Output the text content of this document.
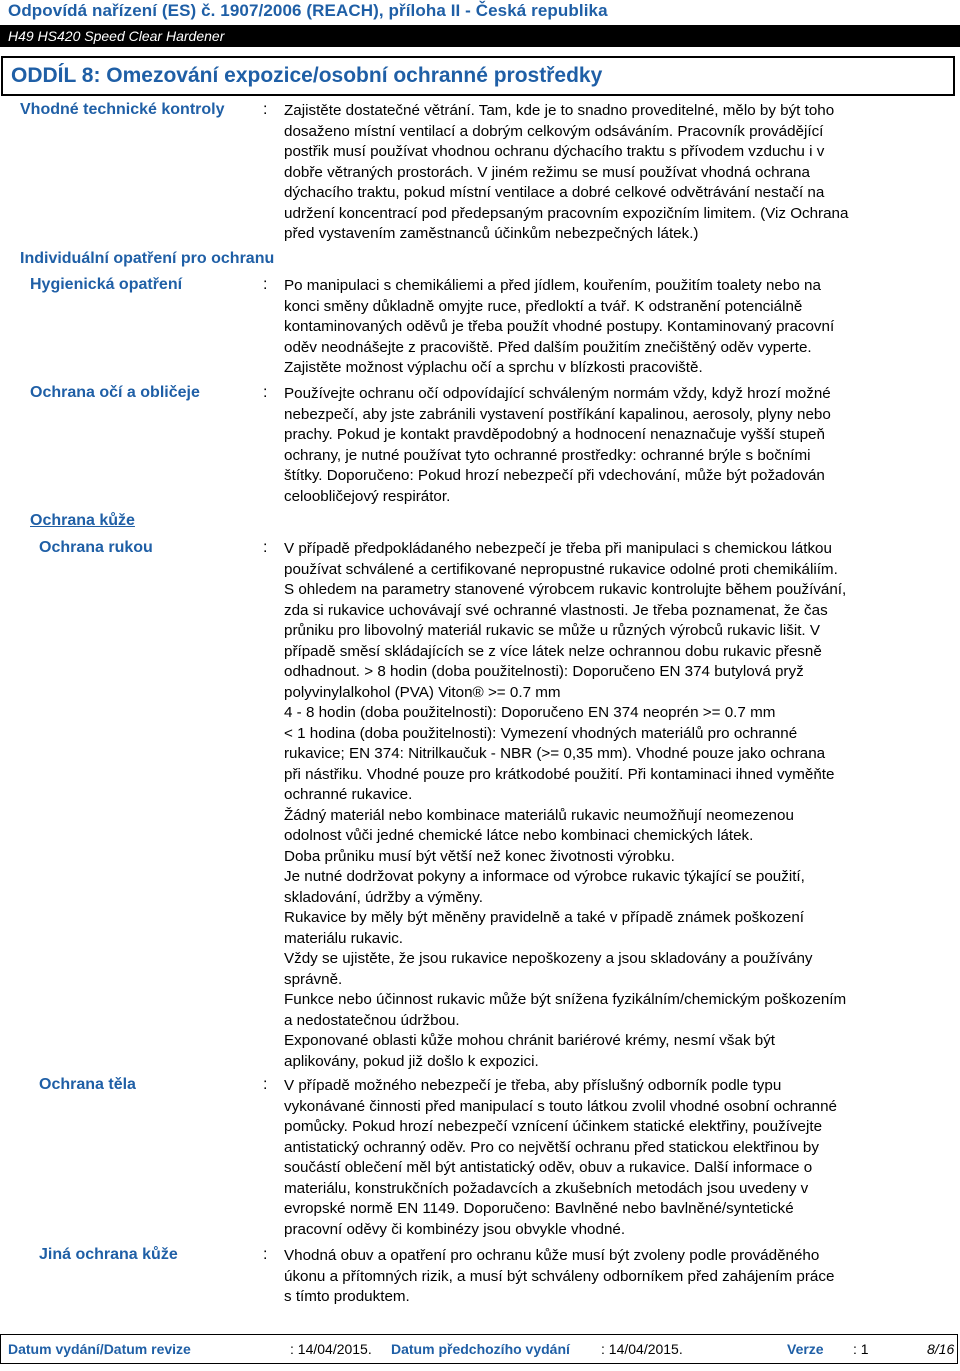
Odpovídá nařízení (ES) č. 1907/2006 (REACH), příloha II - Česká republika
H49 HS420 Speed Clear Hardener
ODDÍL 8: Omezování expozice/osobní ochranné prostředky
Vhodné technické kontroly : Zajistěte dostatečné větrání. Tam, kde je to snadno proveditelné, mělo by být toho
dosaženo místní ventilací a dobrým celkovým odsáváním. Pracovník provádějící
postřik musí používat vhodnou ochranu dýchacího traktu s přívodem vzduchu i v
dobře větraných prostorách. V jiném režimu se musí používat vhodná ochrana
dýchacího traktu, pokud místní ventilace a dobré celkové odvětrávání nestačí na
udržení koncentrací pod předepsaným pracovním expozičním limitem. (Viz Ochrana
před vystavením zaměstnanců účinkům nebezpečných látek.)
Individuální opatření pro ochranu
Hygienická opatření	: Po manipulaci s chemikáliemi a před jídlem, kouřením, použitím toalety nebo na
konci směny důkladně omyjte ruce, předloktí a tvář. K odstranění potenciálně
kontaminovaných oděvů je třeba použít vhodné postupy. Kontaminovaný pracovní
oděv neodnášejte z pracoviště. Před dalším použitím znečištěný oděv vyperte.
Zajistěte možnost výplachu očí a sprchu v blízkosti pracoviště.
Ochrana očí a obličeje	: Používejte ochranu očí odpovídající schváleným normám vždy, když hrozí možné
nebezpečí, aby jste zabránili vystavení postříkání kapalinou, aerosoly, plyny nebo
prachy. Pokud je kontakt pravděpodobný a hodnocení nenaznačuje vyšší stupeň
ochrany, je nutné používat tyto ochranné prostředky: ochranné brýle s bočními
štítky. Doporučeno: Pokud hrozí nebezpečí při vdechování, může být požadován
celoobličejový respirátor.
Ochrana kůže
Ochrana rukou	: V případě předpokládaného nebezpečí je třeba při manipulaci s chemickou látkou
používat schválené a certifikované nepropustné rukavice odolné proti chemikáliím.
S ohledem na parametry stanovené výrobcem rukavic kontrolujte během používání,
zda si rukavice uchovávají své ochranné vlastnosti. Je třeba poznamenat, že čas
průniku pro libovolný materiál rukavic se může u různých výrobců rukavic lišit. V
případě směsí skládajících se z více látek nelze ochrannou dobu rukavic přesně
odhadnout. > 8 hodin (doba použitelnosti): Doporučeno EN 374 butylová pryž
polyvinylalkohol (PVA) Viton® >= 0.7 mm
4 - 8 hodin (doba použitelnosti): Doporučeno EN 374 neoprén >= 0.7 mm
< 1 hodina (doba použitelnosti): Vymezení vhodných materiálů pro ochranné
rukavice; EN 374: Nitrilkaučuk - NBR (>= 0,35 mm). Vhodné pouze jako ochrana
při nástřiku. Vhodné pouze pro krátkodobé použití. Při kontaminaci ihned vyměňte
ochranné rukavice.
Žádný materiál nebo kombinace materiálů rukavic neumožňují neomezenou
odolnost vůči jedné chemické látce nebo kombinaci chemických látek.
Doba průniku musí být větší než konec životnosti výrobku.
Je nutné dodržovat pokyny a informace od výrobce rukavic týkající se použití,
skladování, údržby a výměny.
Rukavice by měly být měněny pravidelně a také v případě známek poškození
materiálu rukavic.
Vždy se ujistěte, že jsou rukavice nepoškozeny a jsou skladovány a používány
správně.
Funkce nebo účinnost rukavic může být snížena fyzikálním/chemickým poškozením
a nedostatečnou údržbou.
Exponované oblasti kůže mohou chránit bariérové krémy, nesmí však být
aplikovány, pokud již došlo k expozici.
Ochrana těla	: V případě možného nebezpečí je třeba, aby příslušný odborník podle typu
vykonávané činnosti před manipulací s touto látkou zvolil vhodné osobní ochranné
pomůcky. Pokud hrozí nebezpečí vznícení účinkem statické elektřiny, používejte
antistatický ochranný oděv. Pro co největší ochranu před statickou elektřinou by
součástí oblečení měl být antistatický oděv, obuv a rukavice. Další informace o
materiálu, konstrukčních požadavcích a zkušebních metodách jsou uvedeny v
evropské normě EN 1149. Doporučeno: Bavlněné nebo bavlněné/syntetické
pracovní oděvy či kombinézy jsou obvykle vhodné.
Jiná ochrana kůže	: Vhodná obuv a opatření pro ochranu kůže musí být zvoleny podle prováděného
úkonu a přítomných rizik, a musí být schváleny odborníkem před zahájením práce
s tímto produktem.
Datum vydání/Datum revize	: 14/04/2015. Datum předchozího vydání : 14/04/2015.	Verze : 1	8/16
